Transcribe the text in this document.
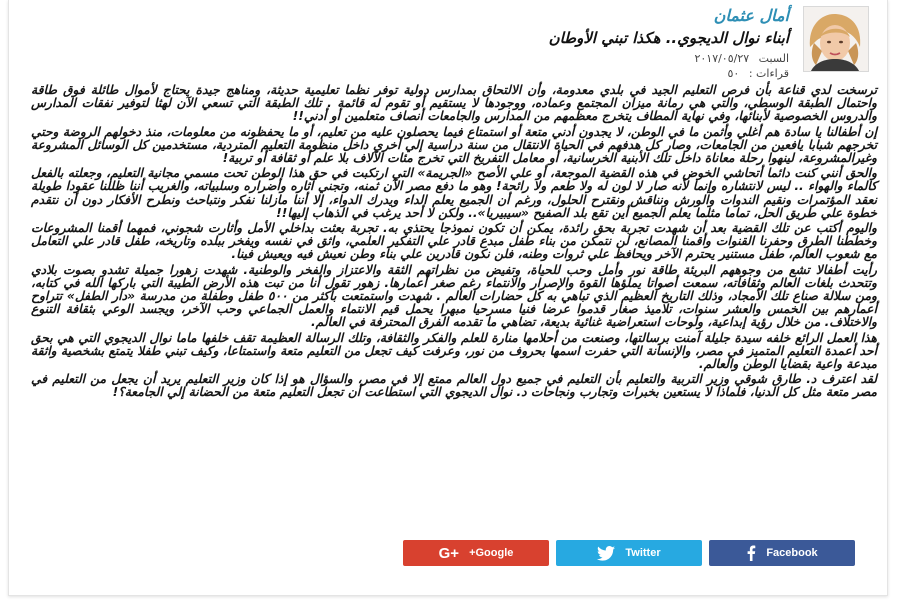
أمال عثمان
أبناء نوال الديجوي.. هكذا تبني الأوطان
السبت ٢٠١٧/٠٥/٢٧
قراءات : ٥٠

ترسخت لدي قناعة بأن فرص التعليم الجيد في بلدي معدومة، وأن الالتحاق بمدارس دولية توفر نظما تعليمية حديثة، ومناهج جيدة يحتاج لأموال طائلة فوق طاقة واحتمال الطبقة الوسطي، والتي هي رمانة ميزان المجتمع وعماده، ووجودها لا يستقيم أو تقوم له قائمة . تلك الطبقة التي تسعي الآن لهثا لتوفير نفقات المدارس والدروس الخصوصية لأبنائها، وفي نهاية المطاف يتخرج معظمهم من المدارس والجامعات أنصاف متعلمين أو أدني!!

إن أطفالنا يا سادة هم أغلي وأثمن ما في الوطن، لا يجدون أدني متعة أو استمتاع فيما يحصلون عليه من تعليم، أو ما يحفظونه من معلومات، منذ دخولهم الروضة وحتي تخرجهم شبابا يافعين من الجامعات، وصار كل هدفهم في الحياة الانتقال من سنة دراسية إلي أخري داخل منظومة التعليم المتردية، مستخدمين كل الوسائل المشروعة وغيرالمشروعة، لينهوا رحلة معاناة داخل تلك الأبنية الخرسانية، أو معامل التفريخ التي تخرج مئات الآلاف بلا علم أو ثقافة أو تربية!

والحق أنني كنت دائما أتحاشي الخوض في هذه القضية الموجعة، أو علي الأصح «الجريمة» التي ارتكبت في حق هذا الوطن تحت مسمي مجانية التعليم، وجعلته بالفعل كالماء والهواء .. ليس لانتشاره وإنما لأنه صار لا لون له ولا طعم ولا رائحة! وهو ما دفع مصر الآن ثمنه، وتجني آثاره وأضراره وسلبياته، والغريب أننا ظللنا عقودا طويلة نعقد المؤتمرات ونقيم الندوات والورش ونناقش ونقترح الحلول، ورغم أن الجميع يعلم الداء ويدرك الدواء، إلا أننا مازلنا نفكر ونتباحث ونطرح الأفكار دون أن نتقدم خطوة علي طريق الحل، تماما مثلما يعلم الجميع أين تقع بلد الصفيح «سيبيريا».. ولكن لا أحد يرغب في الذهاب إليها!!

واليوم أكتب عن تلك القضية بعد أن شهدت تجربة بحق رائدة، يمكن أن تكون نموذجا يحتذي به. تجربة بعثت بداخلي الأمل وأثارت شجوني، فمهما أقمنا المشروعات وخططنا الطرق وحفرنا القنوات وأقمنا المصانع، لن نتمكن من بناء طفل مبدع قادر علي التفكير العلمي، واثق في نفسه ويفخر ببلده وتاريخه، طفل قادر علي التعامل مع شعوب العالم، طفل مستنير يحترم الآخر ويحافظ علي ثروات وطنه، فلن نكون قادرين علي بناء وطن نعيش فيه ويعيش فينا.

رأيت أطفالا تشع من وجوههم البريئة طاقة نور وأمل وحب للحياة، وتفيض من نظراتهم الثقة والاعتزاز والفخر والوطنية. شهدت زهورا جميلة تشدو بصوت بلادي وتتحدث بلغات العالم وثقافاته، سمعت أصواتا يملؤها القوة والإصرار والانتماء رغم صغر أعمارها. زهور تقول أنا من تبت هذه الأرض الطيبة التي باركها الله في كتابه، ومن سلالة صناع تلك الأمجاد، وذلك التاريخ العظيم الذي تباهي به كل حضارات العالم . شهدت واستمتعت بأكثر من ٥٠٠ طفل وطفلة من مدرسة «دار الطفل» تتراوح أعمارهم بين الخمس والعشر سنوات، تلاميذ صغار قدموا عرضا فنيا مسرحيا مبهرا يحمل قيم الانتماء والعمل الجماعي وحب الآخر، ويجسد الوعي بثقافة التنوع والاختلاف. من خلال رؤية إبداعية، ولوحات استعراضية غنائية بديعة، تضاهي ما تقدمه الفرق المحترفة في العالم.

هذا العمل الرائع خلفه سيدة جليلة آمنت برسالتها، وصنعت من أحلامها منارة للعلم والفكر والثقافة، وتلك الرسالة العظيمة تقف خلفها ماما نوال الديجوي التي هي بحق أحد أعمدة التعليم المتميز في مصر، والإنسانة التي حفرت اسمها بحروف من نور، وعرفت كيف تجعل من التعليم متعة واستمتاعا، وكيف تبني طفلا يتمتع بشخصية واثقة مبدعة واعية بقضايا الوطن والعالم.

لقد اعترف د. طارق شوقي وزير التربية والتعليم بأن التعليم في جميع دول العالم ممتع إلا في مصر، والسؤال هو إذا كان وزير التعليم يريد أن يجعل من التعليم في مصر متعة مثل كل الدنيا، فلماذا لا يستعين بخبرات وتجارب ونجاحات د. نوال الديجوي التي استطاعت أن تجعل التعليم متعة من الحضانة إلي الجامعة؟!

Facebook
Twitter
G+ +Google
